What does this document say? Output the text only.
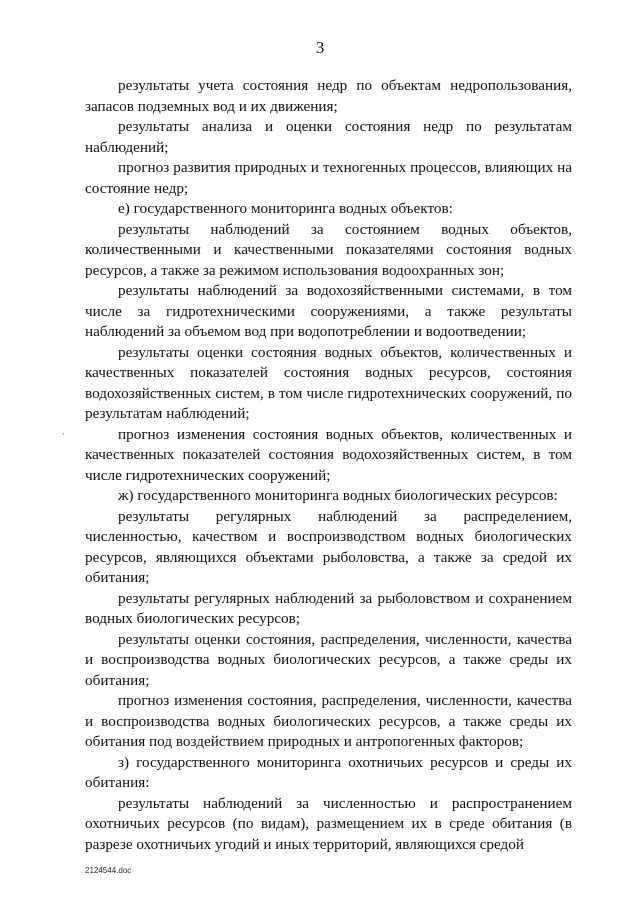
3

результаты учета состояния недр по объектам недропользования, запасов подземных вод и их движения;

результаты анализа и оценки состояния недр по результатам наблюдений;

прогноз развития природных и техногенных процессов, влияющих на состояние недр;

е) государственного мониторинга водных объектов:

результаты наблюдений за состоянием водных объектов, количественными и качественными показателями состояния водных ресурсов, а также за режимом использования водоохранных зон;

результаты наблюдений за водохозяйственными системами, в том числе за гидротехническими сооружениями, а также результаты наблюдений за объемом вод при водопотреблении и водоотведении;

результаты оценки состояния водных объектов, количественных и качественных показателей состояния водных ресурсов, состояния водохозяйственных систем, в том числе гидротехнических сооружений, по результатам наблюдений;

прогноз изменения состояния водных объектов, количественных и качественных показателей состояния водохозяйственных систем, в том числе гидротехнических сооружений;

ж) государственного мониторинга водных биологических ресурсов:

результаты регулярных наблюдений за распределением, численностью, качеством и воспроизводством водных биологических ресурсов, являющихся объектами рыболовства, а также за средой их обитания;

результаты регулярных наблюдений за рыболовством и сохранением водных биологических ресурсов;

результаты оценки состояния, распределения, численности, качества и воспроизводства водных биологических ресурсов, а также среды их обитания;

прогноз изменения состояния, распределения, численности, качества и воспроизводства водных биологических ресурсов, а также среды их обитания под воздействием природных и антропогенных факторов;

з) государственного мониторинга охотничьих ресурсов и среды их обитания:

результаты наблюдений за численностью и распространением охотничьих ресурсов (по видам), размещением их в среде обитания (в разрезе охотничьих угодий и иных территорий, являющихся средой

2124544.doc
